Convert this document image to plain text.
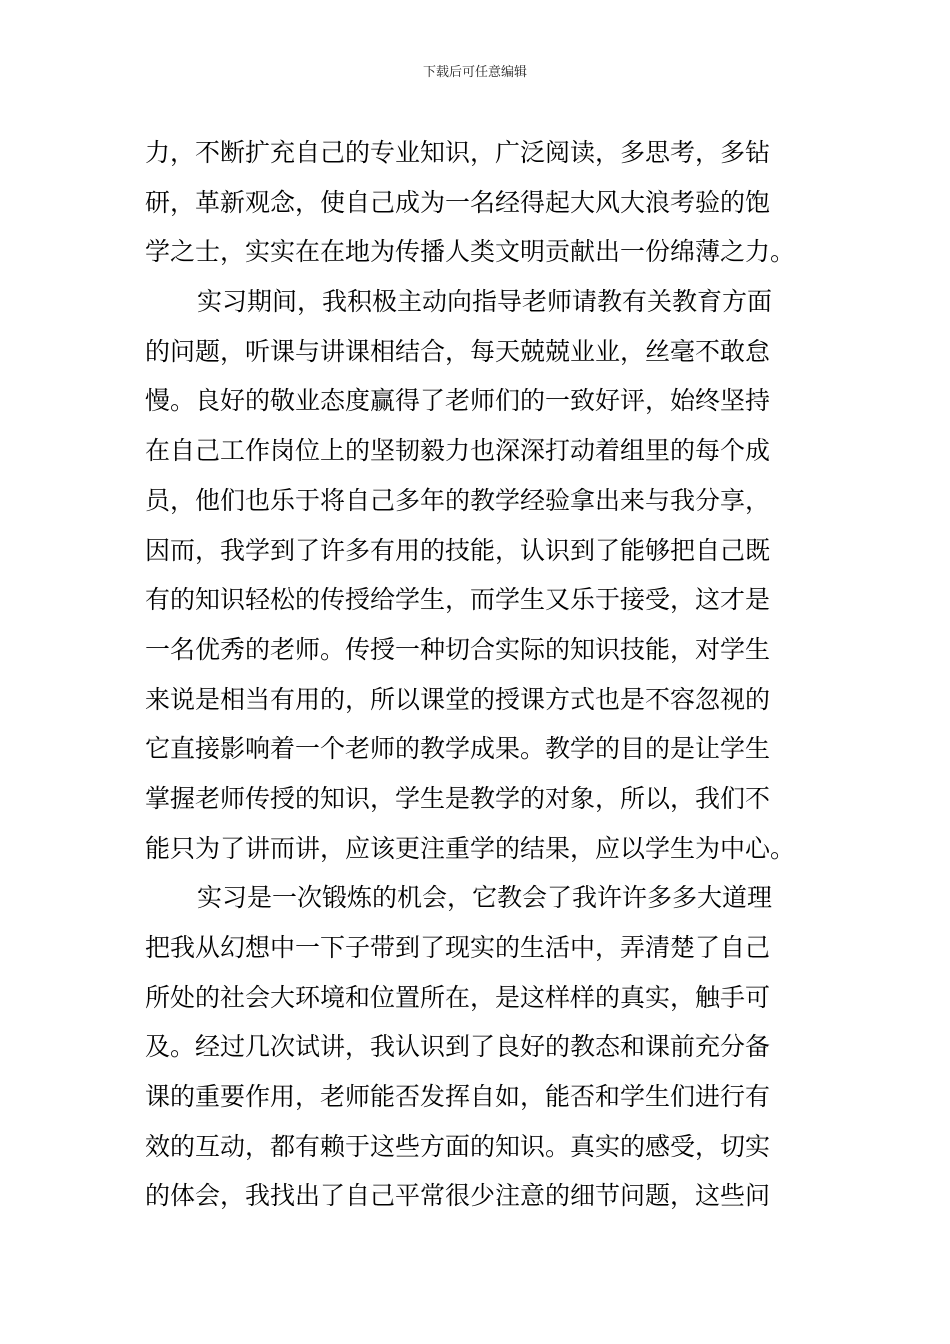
下载后可任意编辑
力，不断扩充自己的专业知识，广泛阅读，多思考，多钻
研，革新观念，使自己成为一名经得起大风大浪考验的饱
学之士，实实在在地为传播人类文明贡献出一份绵薄之力。
实习期间，我积极主动向指导老师请教有关教育方面
的问题，听课与讲课相结合，每天兢兢业业，丝毫不敢怠
慢。良好的敬业态度赢得了老师们的一致好评，始终坚持
在自己工作岗位上的坚韧毅力也深深打动着组里的每个成
员，他们也乐于将自己多年的教学经验拿出来与我分享，
因而，我学到了许多有用的技能，认识到了能够把自己既
有的知识轻松的传授给学生，而学生又乐于接受，这才是
一名优秀的老师。传授一种切合实际的知识技能，对学生
来说是相当有用的，所以课堂的授课方式也是不容忽视的
它直接影响着一个老师的教学成果。教学的目的是让学生
掌握老师传授的知识，学生是教学的对象，所以，我们不
能只为了讲而讲，应该更注重学的结果，应以学生为中心。
实习是一次锻炼的机会，它教会了我许许多多大道理
把我从幻想中一下子带到了现实的生活中，弄清楚了自己
所处的社会大环境和位置所在，是这样样的真实，触手可
及。经过几次试讲，我认识到了良好的教态和课前充分备
课的重要作用，老师能否发挥自如，能否和学生们进行有
效的互动，都有赖于这些方面的知识。真实的感受，切实
的体会，我找出了自己平常很少注意的细节问题，这些问
